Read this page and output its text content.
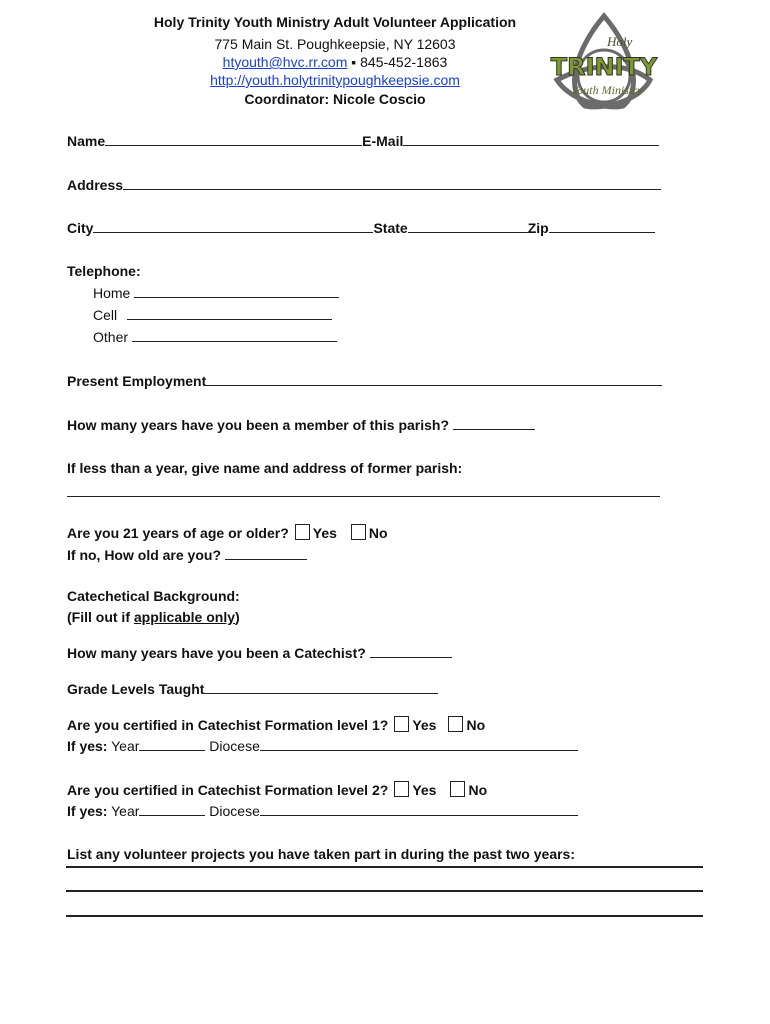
Holy Trinity Youth Ministry Adult Volunteer Application
775 Main St. Poughkeepsie, NY 12603
htyouth@hvc.rr.com ▪ 845-452-1863
http://youth.holytrinitypoughkeepsie.com
Coordinator: Nicole Coscio
Holy
TRINITY
Youth Ministry
Name	E-Mail
Address
City	State	Zip
Telephone:
Home
Cell
Other
Present Employment
How many years have you been a member of this parish?
If less than a year, give name and address of former parish:
Are you 21 years of age or older? Yes No
If no, How old are you?
Catechetical Background:
(Fill out if applicable only)
How many years have you been a Catechist?
Grade Levels Taught
Are you certified in Catechist Formation level 1? Yes No
If yes: Year	Diocese
Are you certified in Catechist Formation level 2? Yes No
If yes: Year	Diocese
List any volunteer projects you have taken part in during the past two years:
